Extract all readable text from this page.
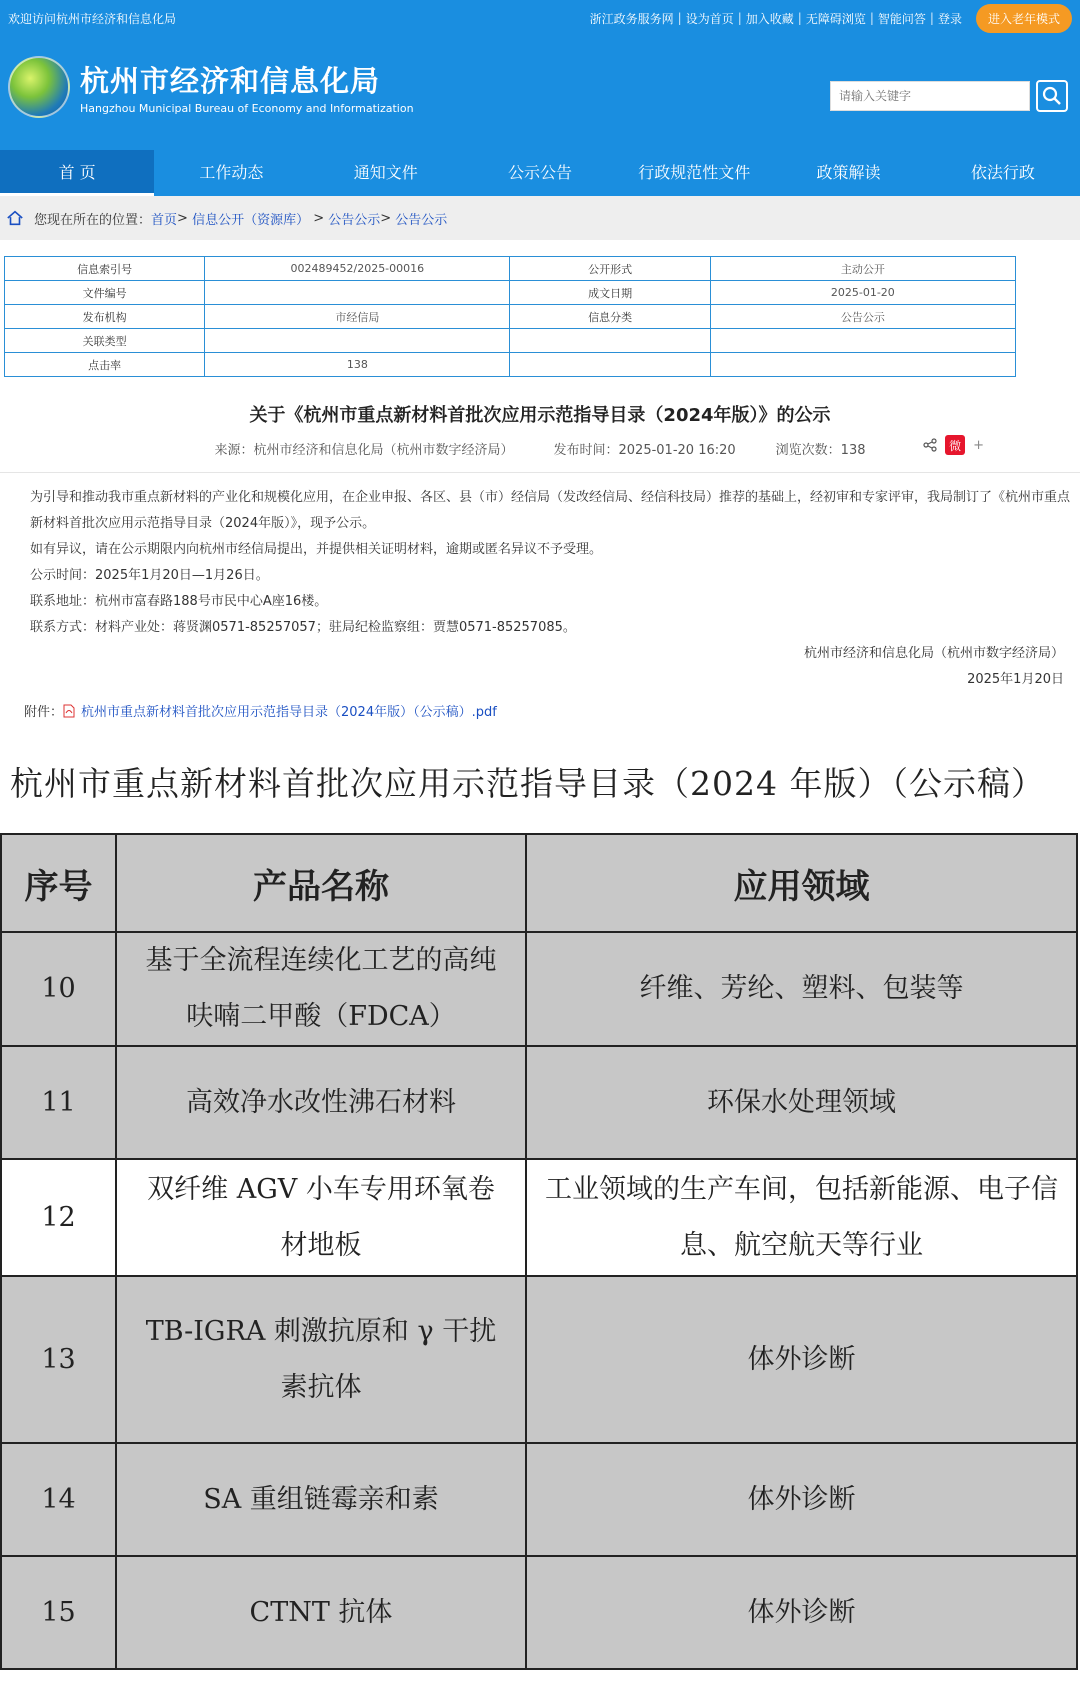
欢迎访问杭州市经济和信息化局	浙江政务服务网 | 设为首页 | 加入收藏 | 无障碍浏览 | 智能问答 | 登录	进入老年模式
杭州市经济和信息化局
Hangzhou Municipal Bureau of Economy and Informatization
请输入关键字
首 页	工作动态	通知文件	公示公告	行政规范性文件	政策解读	依法行政
您现在所在的位置： 首页 > 信息公开（资源库） > 公告公示 > 公告公示
信息索引号	002489452/2025-00016	公开形式	主动公开
文件编号		成文日期	2025-01-20
发布机构	市经信局	信息分类	公告公示
关联类型			
点击率	138		
关于《杭州市重点新材料首批次应用示范指导目录（2024年版）》的公示
来源：杭州市经济和信息化局（杭州市数字经济局）	发布时间：2025-01-20 16:20	浏览次数：138	微 +

为引导和推动我市重点新材料的产业化和规模化应用，在企业申报、各区、县（市）经信局（发改经信局、经信科技局）推荐的基础上，经初审和专家评审，我局制订了《杭州市重点新材料首批次应用示范指导目录（2024年版）》，现予公示。

如有异议，请在公示期限内向杭州市经信局提出，并提供相关证明材料，逾期或匿名异议不予受理。

公示时间：2025年1月20日—1月26日。

联系地址：杭州市富春路188号市民中心A座16楼。

联系方式：材料产业处：蒋贤渊0571-85257057；驻局纪检监察组：贾慧0571-85257085。

杭州市经济和信息化局（杭州市数字经济局）

2025年1月20日

附件： 杭州市重点新材料首批次应用示范指导目录（2024年版）（公示稿）.pdf
杭州市重点新材料首批次应用示范指导目录（2024 年版）（公示稿）
序号	产品名称	应用领域
10	基于全流程连续化工艺的高纯呋喃二甲酸（FDCA）	纤维、芳纶、塑料、包装等
11	高效净水改性沸石材料	环保水处理领域
12	双纤维 AGV 小车专用环氧卷材地板	工业领域的生产车间，包括新能源、电子信息、航空航天等行业
13	TB-IGRA 刺激抗原和 γ 干扰素抗体	体外诊断
14	SA 重组链霉亲和素	体外诊断
15	CTNT 抗体	体外诊断
